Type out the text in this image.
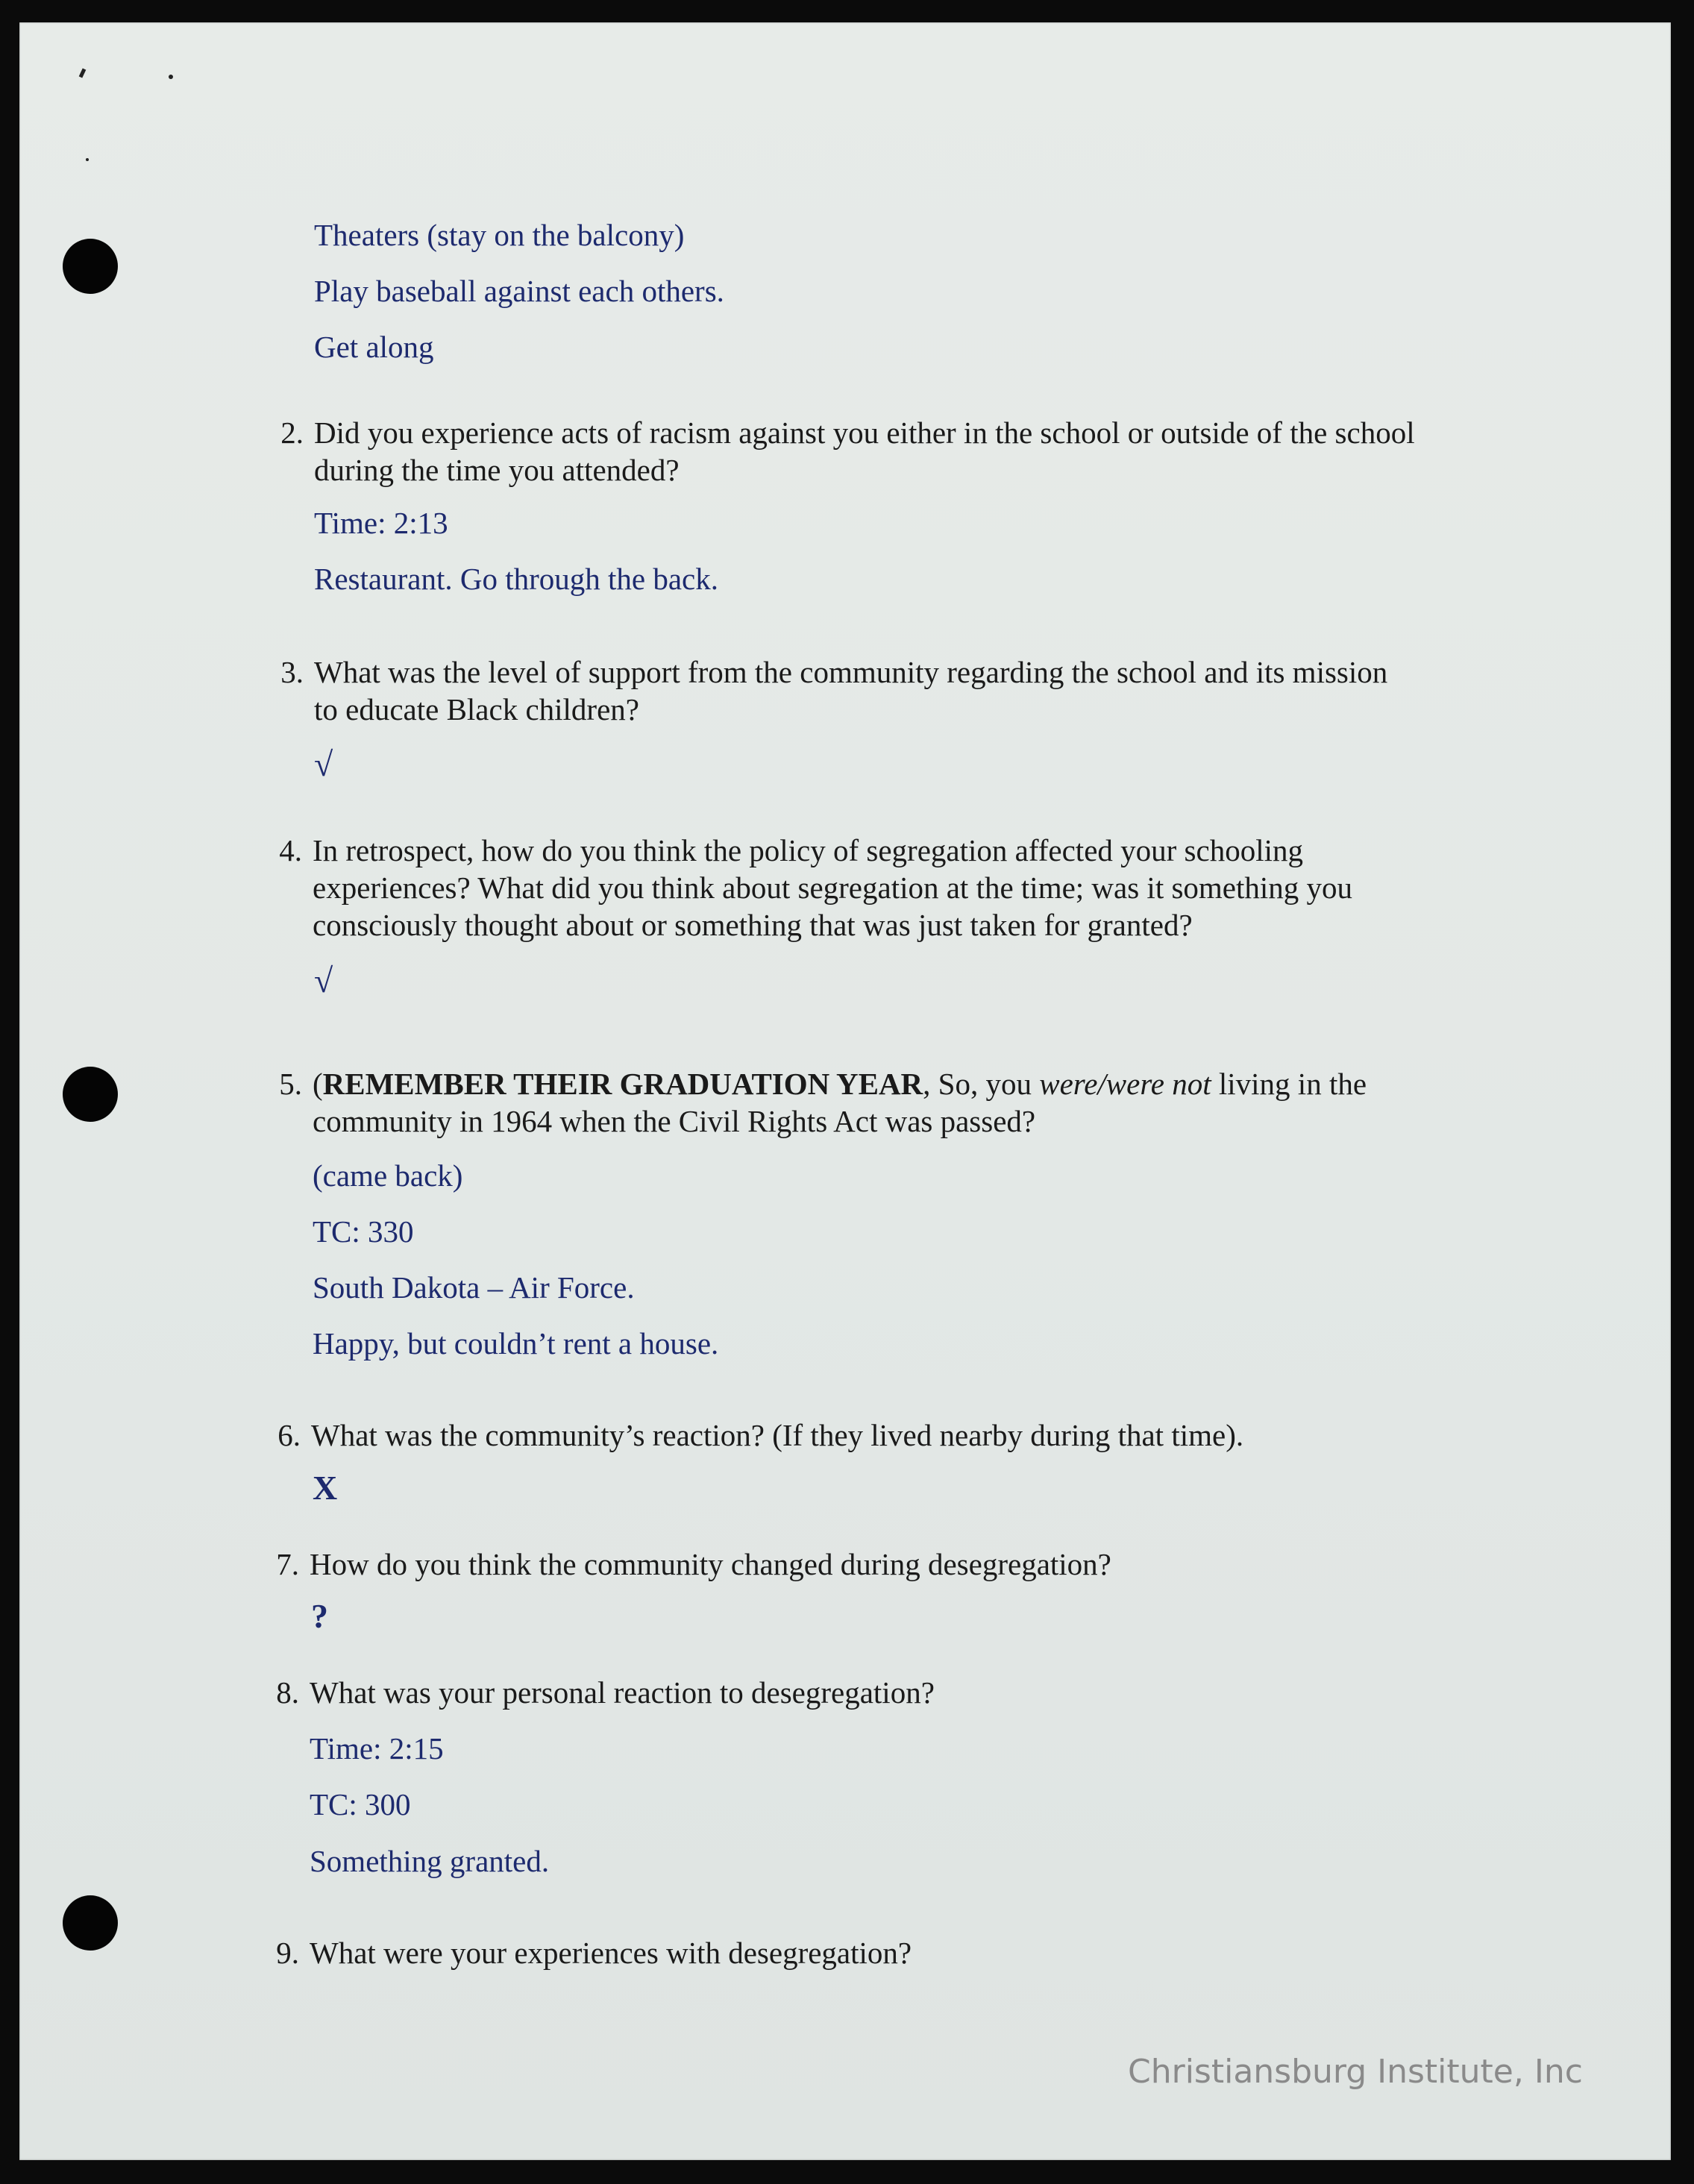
Theaters (stay on the balcony)
Play baseball against each others.
Get along
2. Did you experience acts of racism against you either in the school or outside of the school
during the time you attended?
Time: 2:13
Restaurant. Go through the back.
3. What was the level of support from the community regarding the school and its mission
to educate Black children?
√
4. In retrospect, how do you think the policy of segregation affected your schooling
experiences? What did you think about segregation at the time; was it something you
consciously thought about or something that was just taken for granted?
√
5. (REMEMBER THEIR GRADUATION YEAR, So, you were/were not living in the
community in 1964 when the Civil Rights Act was passed?
(came back)
TC: 330
South Dakota – Air Force.
Happy, but couldn’t rent a house.
6. What was the community’s reaction? (If they lived nearby during that time).
X
7. How do you think the community changed during desegregation?
?
8. What was your personal reaction to desegregation?
Time: 2:15
TC: 300
Something granted.
9. What were your experiences with desegregation?
Christiansburg Institute, Inc
